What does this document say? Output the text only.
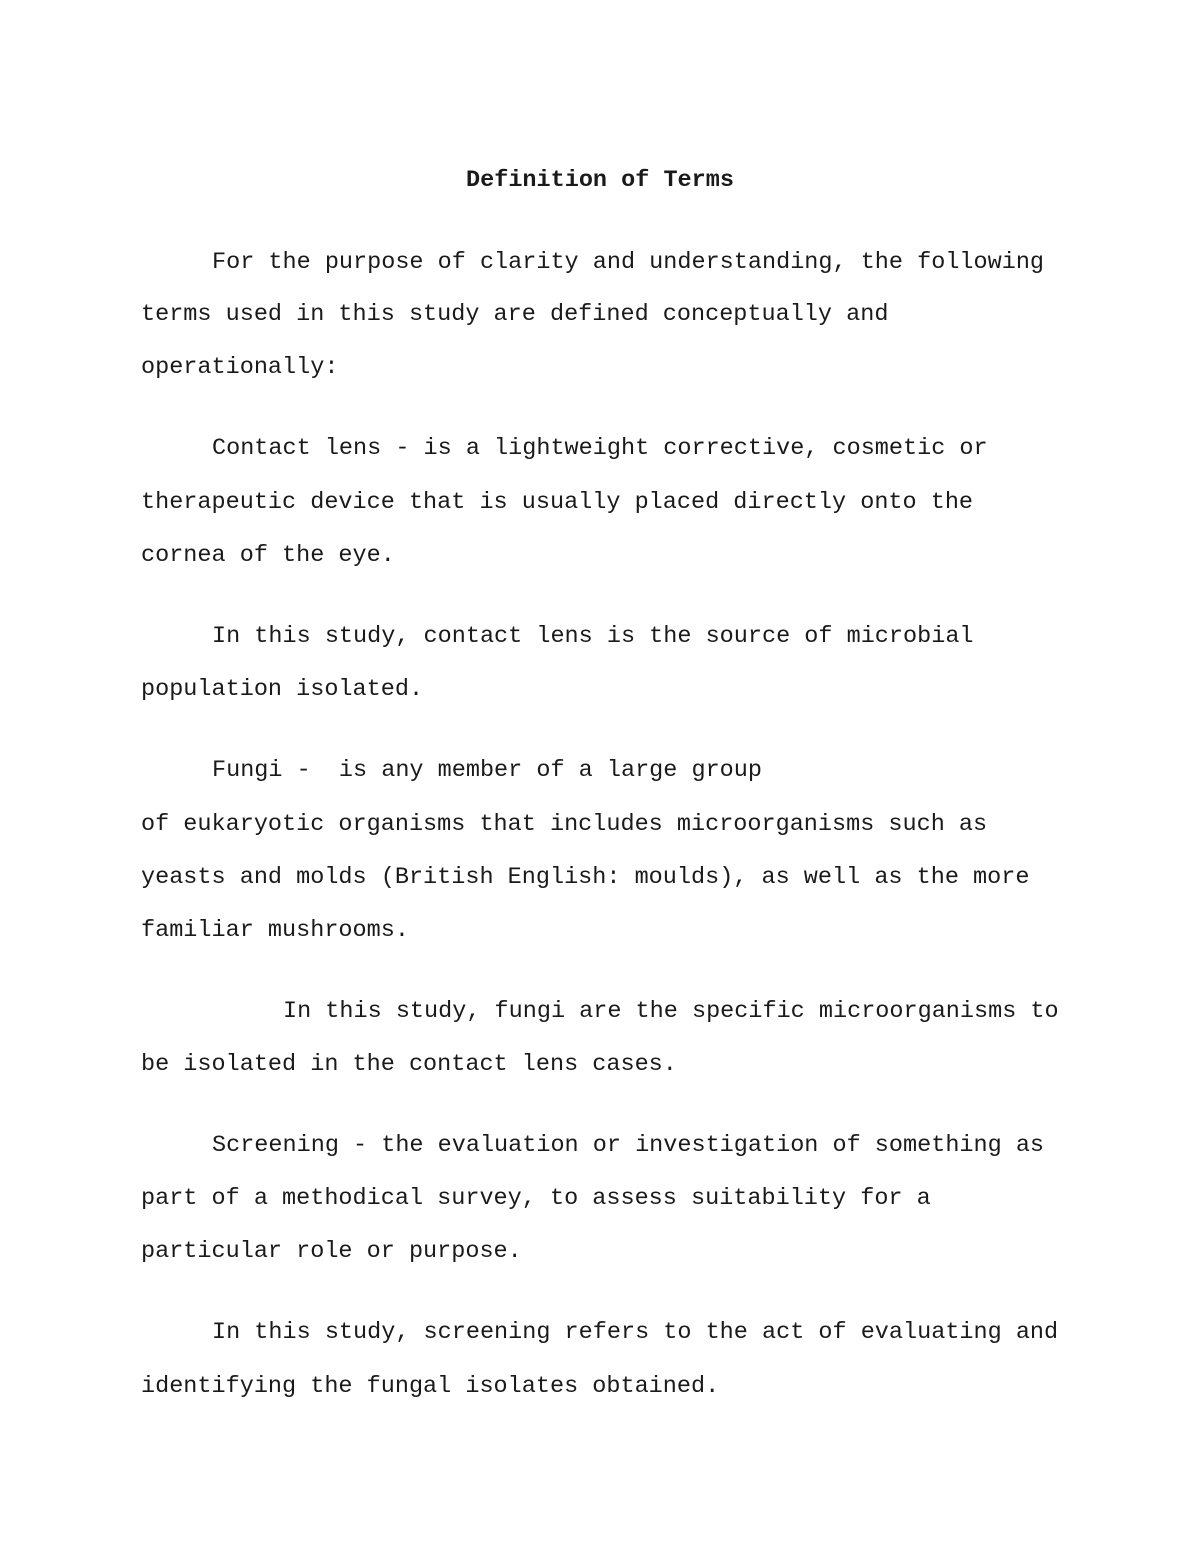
Definition of Terms

For the purpose of clarity and understanding, the following

terms used in this study are defined conceptually and

operationally:

Contact lens - is a lightweight corrective, cosmetic or

therapeutic device that is usually placed directly onto the

cornea of the eye.

In this study, contact lens is the source of microbial

population isolated.

Fungi -  is any member of a large group

of eukaryotic organisms that includes microorganisms such as

yeasts and molds (British English: moulds), as well as the more

familiar mushrooms.

In this study, fungi are the specific microorganisms to

be isolated in the contact lens cases.

Screening - the evaluation or investigation of something as

part of a methodical survey, to assess suitability for a

particular role or purpose.

In this study, screening refers to the act of evaluating and

identifying the fungal isolates obtained.
